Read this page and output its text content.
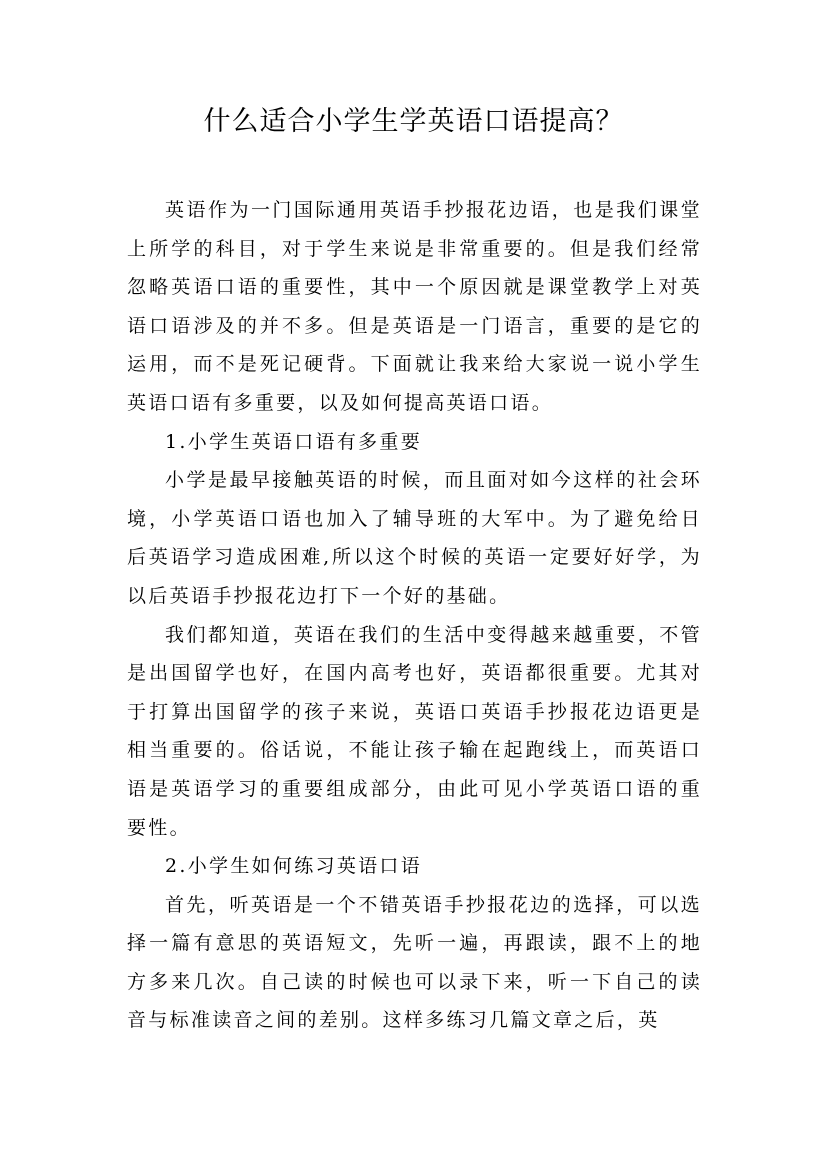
什么适合小学生学英语口语提高？

英语作为一门国际通用英语手抄报花边语，也是我们课堂上所学的科目，对于学生来说是非常重要的。但是我们经常忽略英语口语的重要性，其中一个原因就是课堂教学上对英语口语涉及的并不多。但是英语是一门语言，重要的是它的运用，而不是死记硬背。下面就让我来给大家说一说小学生英语口语有多重要，以及如何提高英语口语。

1.小学生英语口语有多重要

小学是最早接触英语的时候，而且面对如今这样的社会环境，小学英语口语也加入了辅导班的大军中。为了避免给日后英语学习造成困难,所以这个时候的英语一定要好好学，为以后英语手抄报花边打下一个好的基础。

我们都知道，英语在我们的生活中变得越来越重要，不管是出国留学也好，在国内高考也好，英语都很重要。尤其对于打算出国留学的孩子来说，英语口英语手抄报花边语更是相当重要的。俗话说，不能让孩子输在起跑线上，而英语口语是英语学习的重要组成部分，由此可见小学英语口语的重要性。

2.小学生如何练习英语口语

首先，听英语是一个不错英语手抄报花边的选择，可以选择一篇有意思的英语短文，先听一遍，再跟读，跟不上的地方多来几次。自己读的时候也可以录下来，听一下自己的读音与标准读音之间的差别。这样多练习几篇文章之后，英
